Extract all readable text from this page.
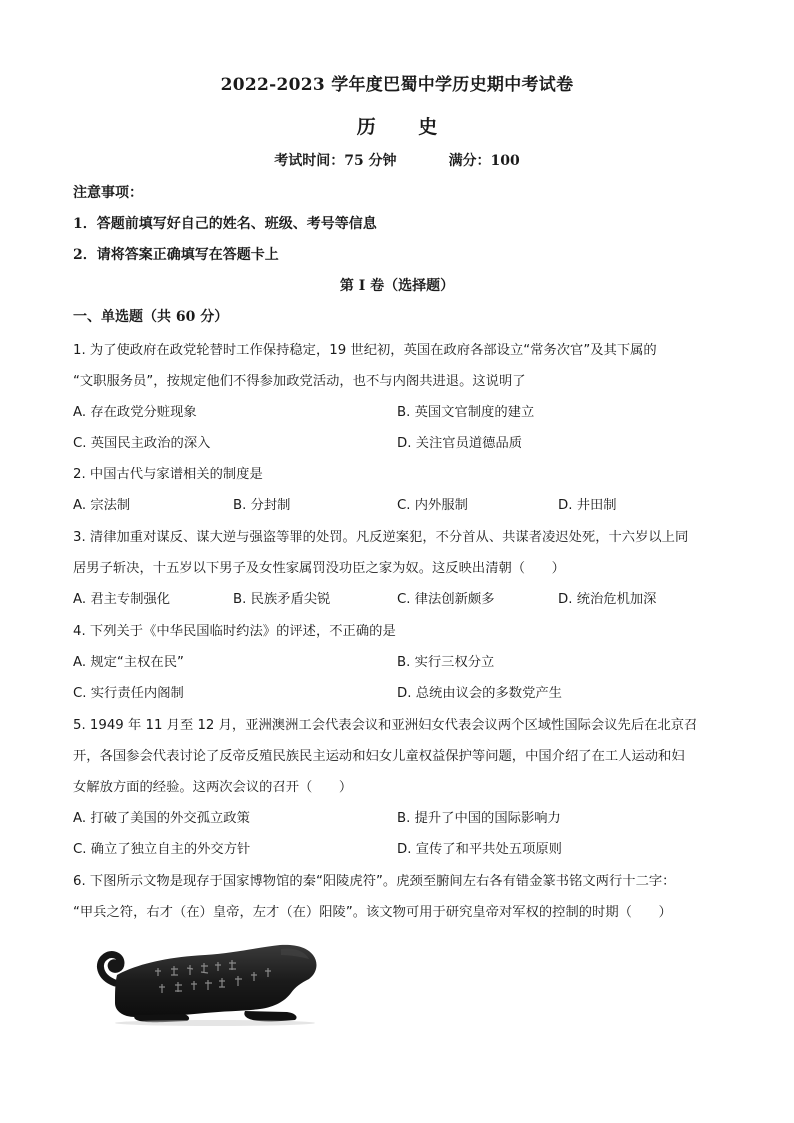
2022-2023 学年度巴蜀中学历史期中考试卷
历 史
考试时间：75 分钟	满分：100
注意事项：
1．答题前填写好自己的姓名、班级、考号等信息
2．请将答案正确填写在答题卡上
第 I 卷（选择题）
一、单选题（共 60 分）
1. 为了使政府在政党轮替时工作保持稳定，19 世纪初，英国在政府各部设立“常务次官”及其下属的
“文职服务员”，按规定他们不得参加政党活动，也不与内阁共进退。这说明了
A. 存在政党分赃现象	B. 英国文官制度的建立
C. 英国民主政治的深入	D. 关注官员道德品质
2. 中国古代与家谱相关的制度是
A. 宗法制	B. 分封制	C. 内外服制	D. 井田制
3. 清律加重对谋反、谋大逆与强盗等罪的处罚。凡反逆案犯，不分首从、共谋者凌迟处死，十六岁以上同
居男子斩决，十五岁以下男子及女性家属罚没功臣之家为奴。这反映出清朝（　　）
A. 君主专制强化	B. 民族矛盾尖锐	C. 律法创新颇多	D. 统治危机加深
4. 下列关于《中华民国临时约法》的评述，不正确的是
A. 规定“主权在民”	B. 实行三权分立
C. 实行责任内阁制	D. 总统由议会的多数党产生
5. 1949 年 11 月至 12 月，亚洲澳洲工会代表会议和亚洲妇女代表会议两个区域性国际会议先后在北京召
开，各国参会代表讨论了反帝反殖民族民主运动和妇女儿童权益保护等问题，中国介绍了在工人运动和妇
女解放方面的经验。这两次会议的召开（　　）
A. 打破了美国的外交孤立政策	B. 提升了中国的国际影响力
C. 确立了独立自主的外交方针	D. 宣传了和平共处五项原则
6. 下图所示文物是现存于国家博物馆的秦“阳陵虎符”。虎颈至腑间左右各有错金篆书铭文两行十二字：
“甲兵之符，右才（在）皇帝，左才（在）阳陵”。该文物可用于研究皇帝对军权的控制的时期（　　）
